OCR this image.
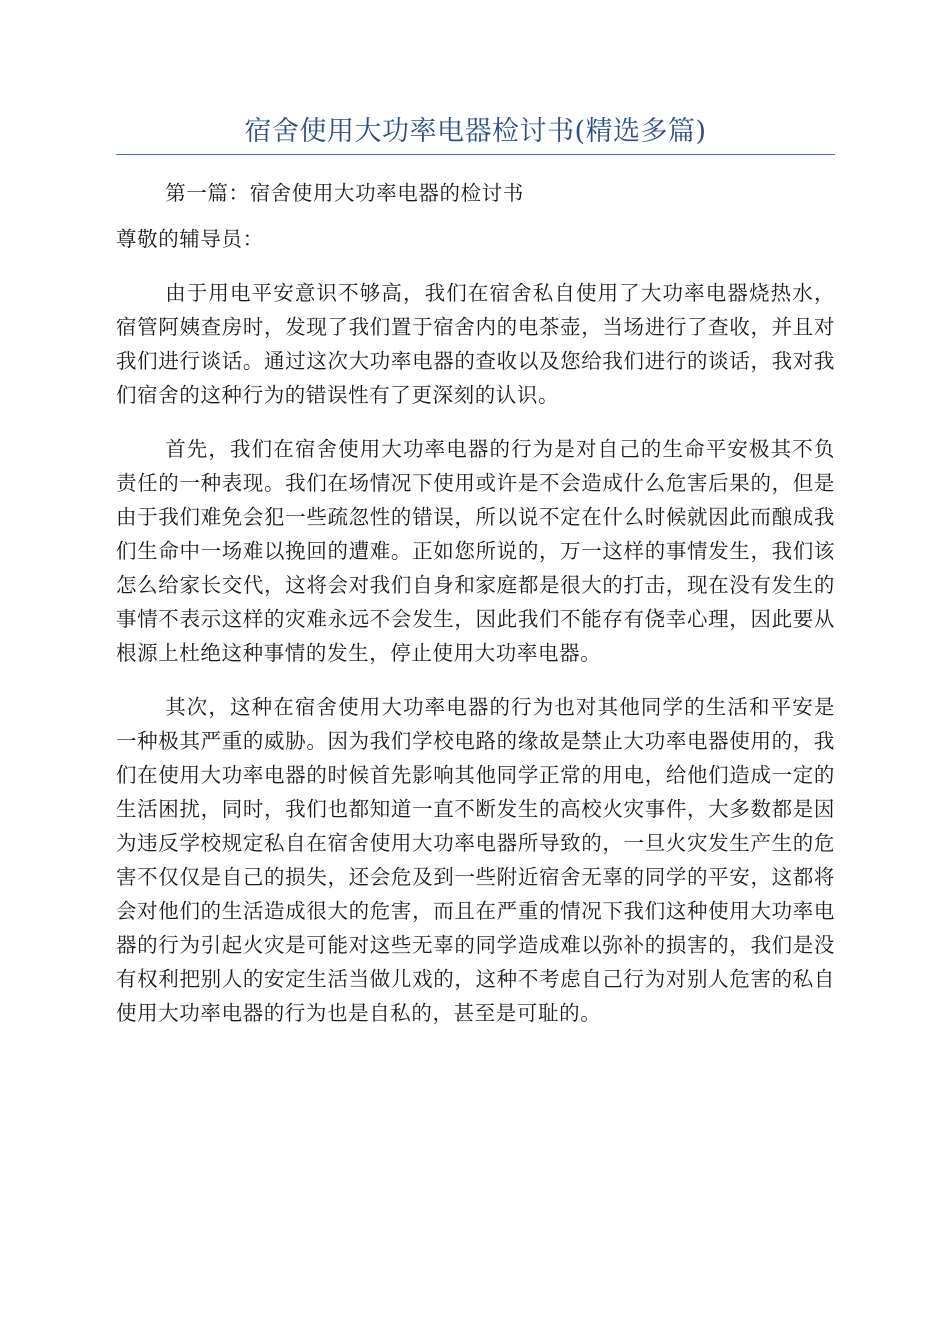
宿舍使用大功率电器检讨书(精选多篇)

第一篇：宿舍使用大功率电器的检讨书

尊敬的辅导员：

由于用电平安意识不够高，我们在宿舍私自使用了大功率电器烧热水，宿管阿姨查房时，发现了我们置于宿舍内的电茶壶，当场进行了查收，并且对我们进行谈话。通过这次大功率电器的查收以及您给我们进行的谈话，我对我们宿舍的这种行为的错误性有了更深刻的认识。

首先，我们在宿舍使用大功率电器的行为是对自己的生命平安极其不负责任的一种表现。我们在场情况下使用或许是不会造成什么危害后果的，但是由于我们难免会犯一些疏忽性的错误，所以说不定在什么时候就因此而酿成我们生命中一场难以挽回的遭难。正如您所说的，万一这样的事情发生，我们该怎么给家长交代，这将会对我们自身和家庭都是很大的打击，现在没有发生的事情不表示这样的灾难永远不会发生，因此我们不能存有侥幸心理，因此要从根源上杜绝这种事情的发生，停止使用大功率电器。

其次，这种在宿舍使用大功率电器的行为也对其他同学的生活和平安是一种极其严重的威胁。因为我们学校电路的缘故是禁止大功率电器使用的，我们在使用大功率电器的时候首先影响其他同学正常的用电，给他们造成一定的生活困扰，同时，我们也都知道一直不断发生的高校火灾事件，大多数都是因为违反学校规定私自在宿舍使用大功率电器所导致的，一旦火灾发生产生的危害不仅仅是自己的损失，还会危及到一些附近宿舍无辜的同学的平安，这都将会对他们的生活造成很大的危害，而且在严重的情况下我们这种使用大功率电器的行为引起火灾是可能对这些无辜的同学造成难以弥补的损害的，我们是没有权利把别人的安定生活当做儿戏的，这种不考虑自己行为对别人危害的私自使用大功率电器的行为也是自私的，甚至是可耻的。
